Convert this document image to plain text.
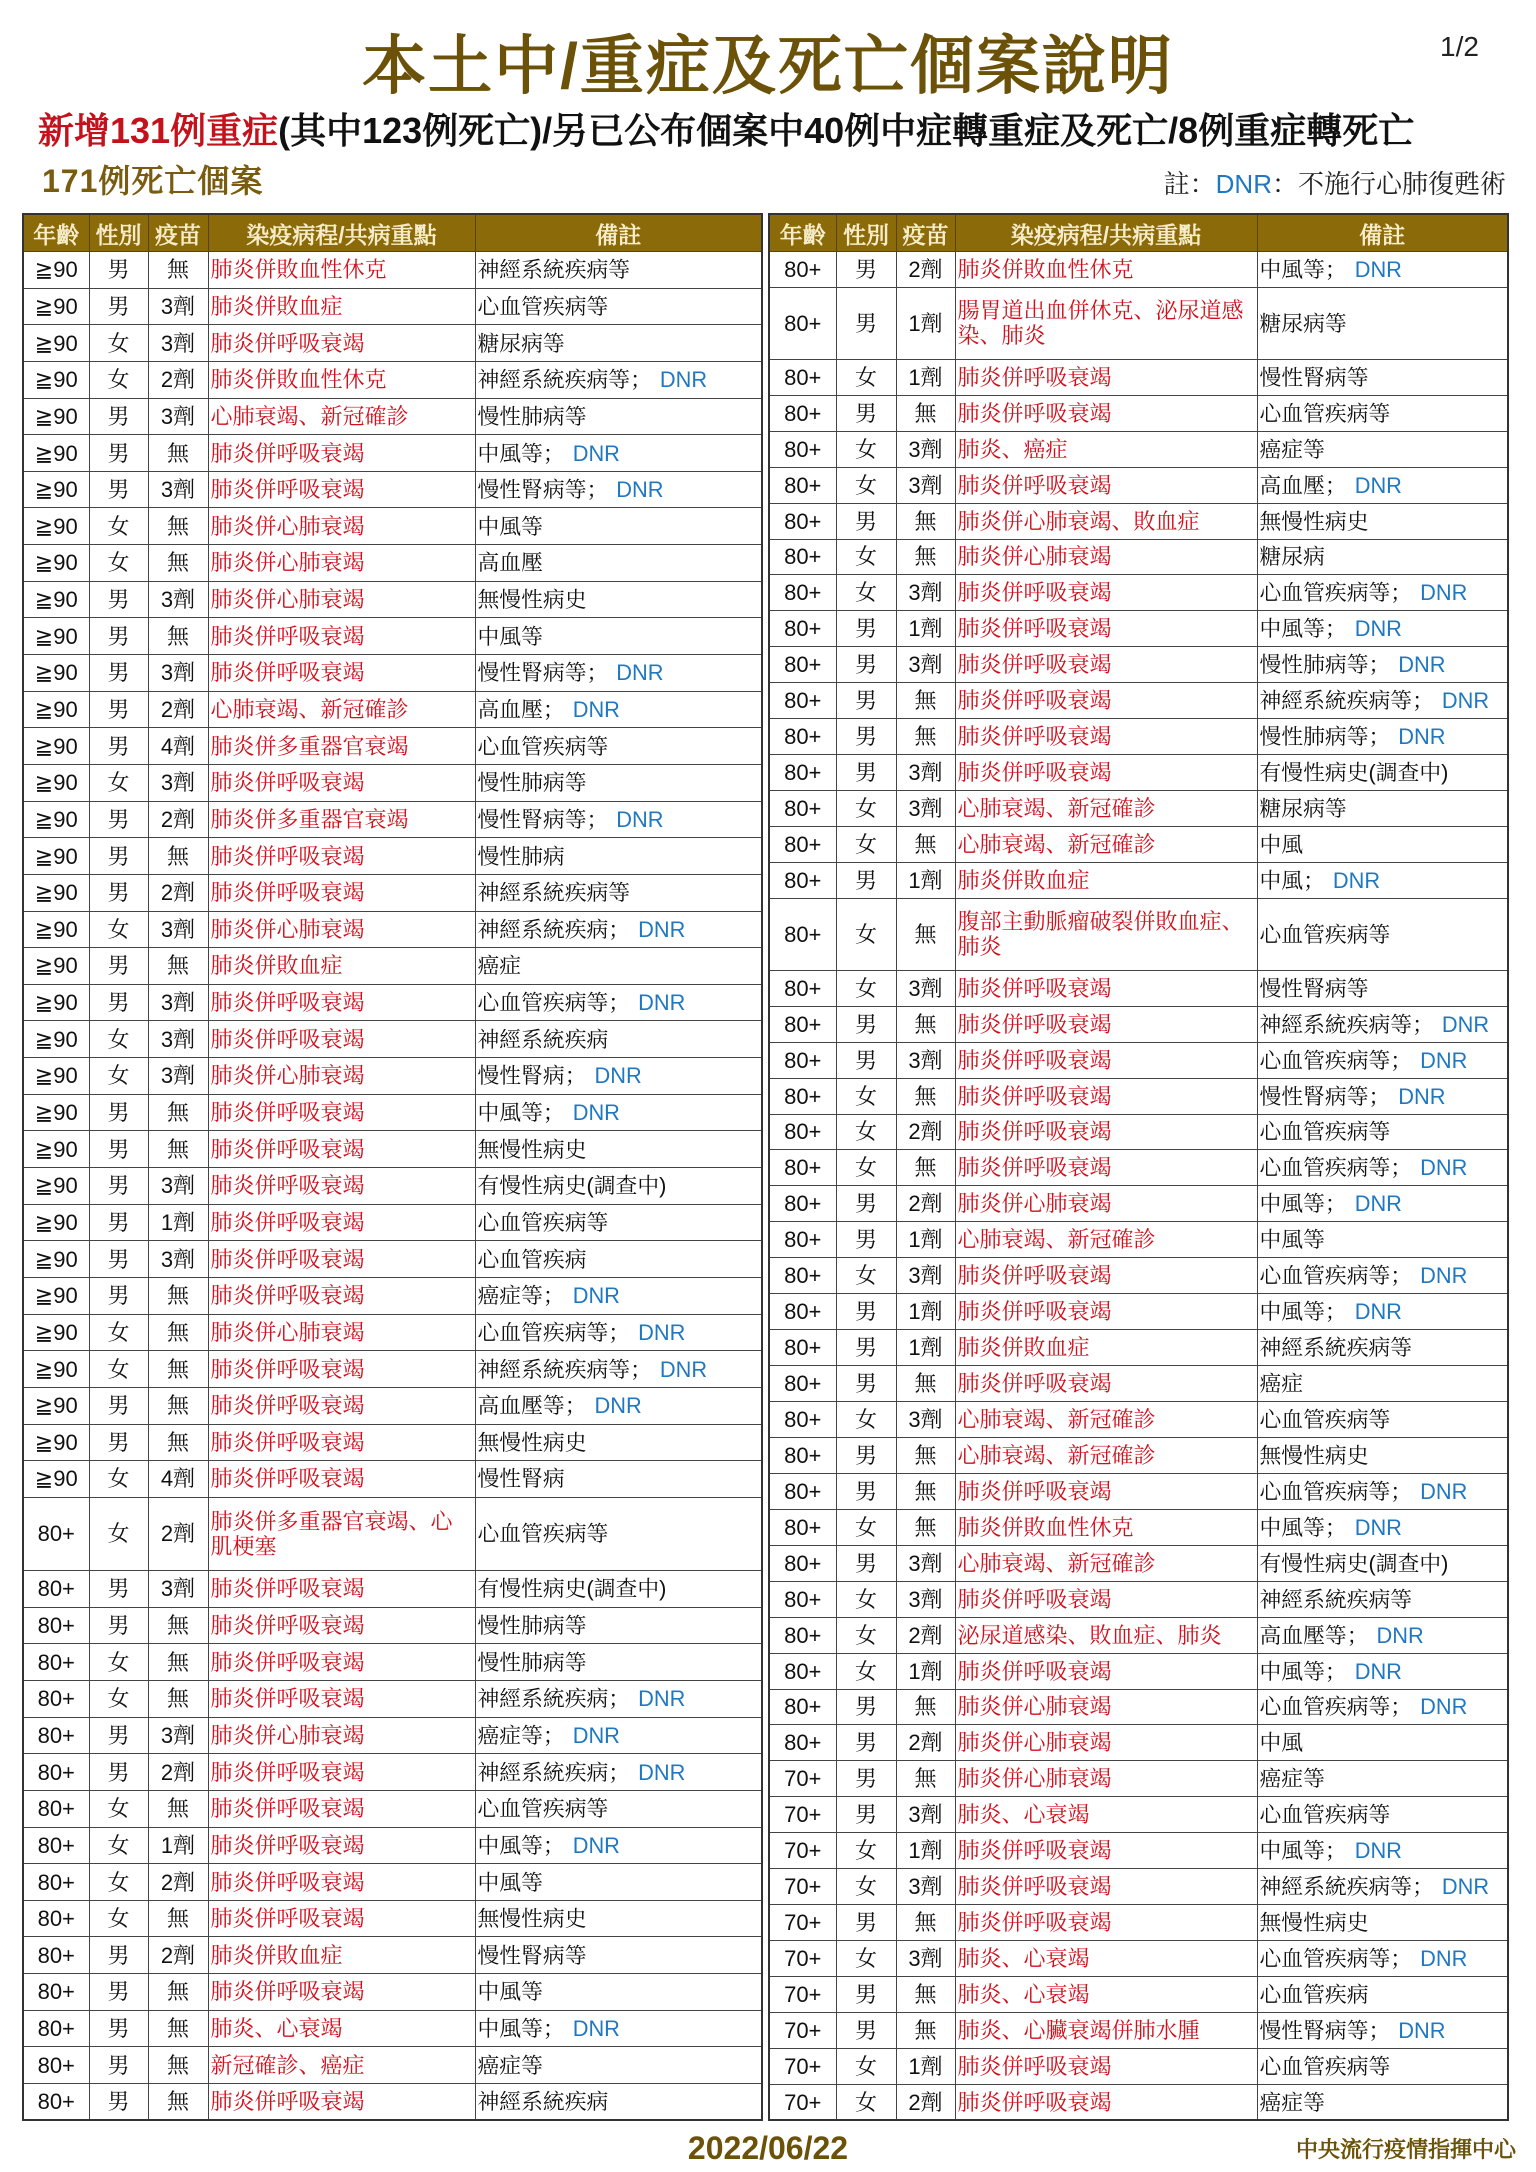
本土中/重症及死亡個案說明	1/2
新增131例重症(其中123例死亡)/另已公布個案中40例中症轉重症及死亡/8例重症轉死亡
171例死亡個案	註：DNR：不施行心肺復甦術
年齡	性別	疫苗	染疫病程/共病重點	備註
≧90	男	無	肺炎併敗血性休克	神經系統疾病等
≧90	男	3劑	肺炎併敗血症	心血管疾病等
≧90	女	3劑	肺炎併呼吸衰竭	糖尿病等
≧90	女	2劑	肺炎併敗血性休克	神經系統疾病等； DNR
≧90	男	3劑	心肺衰竭、新冠確診	慢性肺病等
≧90	男	無	肺炎併呼吸衰竭	中風等； DNR
≧90	男	3劑	肺炎併呼吸衰竭	慢性腎病等； DNR
≧90	女	無	肺炎併心肺衰竭	中風等
≧90	女	無	肺炎併心肺衰竭	高血壓
≧90	男	3劑	肺炎併心肺衰竭	無慢性病史
≧90	男	無	肺炎併呼吸衰竭	中風等
≧90	男	3劑	肺炎併呼吸衰竭	慢性腎病等； DNR
≧90	男	2劑	心肺衰竭、新冠確診	高血壓； DNR
≧90	男	4劑	肺炎併多重器官衰竭	心血管疾病等
≧90	女	3劑	肺炎併呼吸衰竭	慢性肺病等
≧90	男	2劑	肺炎併多重器官衰竭	慢性腎病等； DNR
≧90	男	無	肺炎併呼吸衰竭	慢性肺病
≧90	男	2劑	肺炎併呼吸衰竭	神經系統疾病等
≧90	女	3劑	肺炎併心肺衰竭	神經系統疾病； DNR
≧90	男	無	肺炎併敗血症	癌症
≧90	男	3劑	肺炎併呼吸衰竭	心血管疾病等； DNR
≧90	女	3劑	肺炎併呼吸衰竭	神經系統疾病
≧90	女	3劑	肺炎併心肺衰竭	慢性腎病； DNR
≧90	男	無	肺炎併呼吸衰竭	中風等； DNR
≧90	男	無	肺炎併呼吸衰竭	無慢性病史
≧90	男	3劑	肺炎併呼吸衰竭	有慢性病史(調查中)
≧90	男	1劑	肺炎併呼吸衰竭	心血管疾病等
≧90	男	3劑	肺炎併呼吸衰竭	心血管疾病
≧90	男	無	肺炎併呼吸衰竭	癌症等； DNR
≧90	女	無	肺炎併心肺衰竭	心血管疾病等； DNR
≧90	女	無	肺炎併呼吸衰竭	神經系統疾病等； DNR
≧90	男	無	肺炎併呼吸衰竭	高血壓等； DNR
≧90	男	無	肺炎併呼吸衰竭	無慢性病史
≧90	女	4劑	肺炎併呼吸衰竭	慢性腎病
80+	女	2劑	肺炎併多重器官衰竭、心肌梗塞	心血管疾病等
80+	男	3劑	肺炎併呼吸衰竭	有慢性病史(調查中)
80+	男	無	肺炎併呼吸衰竭	慢性肺病等
80+	女	無	肺炎併呼吸衰竭	慢性肺病等
80+	女	無	肺炎併呼吸衰竭	神經系統疾病； DNR
80+	男	3劑	肺炎併心肺衰竭	癌症等； DNR
80+	男	2劑	肺炎併呼吸衰竭	神經系統疾病； DNR
80+	女	無	肺炎併呼吸衰竭	心血管疾病等
80+	女	1劑	肺炎併呼吸衰竭	中風等； DNR
80+	女	2劑	肺炎併呼吸衰竭	中風等
80+	女	無	肺炎併呼吸衰竭	無慢性病史
80+	男	2劑	肺炎併敗血症	慢性腎病等
80+	男	無	肺炎併呼吸衰竭	中風等
80+	男	無	肺炎、心衰竭	中風等； DNR
80+	男	無	新冠確診、癌症	癌症等
80+	男	無	肺炎併呼吸衰竭	神經系統疾病
年齡	性別	疫苗	染疫病程/共病重點	備註
80+	男	2劑	肺炎併敗血性休克	中風等； DNR
80+	男	1劑	腸胃道出血併休克、泌尿道感染、肺炎	糖尿病等
80+	女	1劑	肺炎併呼吸衰竭	慢性腎病等
80+	男	無	肺炎併呼吸衰竭	心血管疾病等
80+	女	3劑	肺炎、癌症	癌症等
80+	女	3劑	肺炎併呼吸衰竭	高血壓； DNR
80+	男	無	肺炎併心肺衰竭、敗血症	無慢性病史
80+	女	無	肺炎併心肺衰竭	糖尿病
80+	女	3劑	肺炎併呼吸衰竭	心血管疾病等； DNR
80+	男	1劑	肺炎併呼吸衰竭	中風等； DNR
80+	男	3劑	肺炎併呼吸衰竭	慢性肺病等； DNR
80+	男	無	肺炎併呼吸衰竭	神經系統疾病等； DNR
80+	男	無	肺炎併呼吸衰竭	慢性肺病等； DNR
80+	男	3劑	肺炎併呼吸衰竭	有慢性病史(調查中)
80+	女	3劑	心肺衰竭、新冠確診	糖尿病等
80+	女	無	心肺衰竭、新冠確診	中風
80+	男	1劑	肺炎併敗血症	中風； DNR
80+	女	無	腹部主動脈瘤破裂併敗血症、肺炎	心血管疾病等
80+	女	3劑	肺炎併呼吸衰竭	慢性腎病等
80+	男	無	肺炎併呼吸衰竭	神經系統疾病等； DNR
80+	男	3劑	肺炎併呼吸衰竭	心血管疾病等； DNR
80+	女	無	肺炎併呼吸衰竭	慢性腎病等； DNR
80+	女	2劑	肺炎併呼吸衰竭	心血管疾病等
80+	女	無	肺炎併呼吸衰竭	心血管疾病等； DNR
80+	男	2劑	肺炎併心肺衰竭	中風等； DNR
80+	男	1劑	心肺衰竭、新冠確診	中風等
80+	女	3劑	肺炎併呼吸衰竭	心血管疾病等； DNR
80+	男	1劑	肺炎併呼吸衰竭	中風等； DNR
80+	男	1劑	肺炎併敗血症	神經系統疾病等
80+	男	無	肺炎併呼吸衰竭	癌症
80+	女	3劑	心肺衰竭、新冠確診	心血管疾病等
80+	男	無	心肺衰竭、新冠確診	無慢性病史
80+	男	無	肺炎併呼吸衰竭	心血管疾病等； DNR
80+	女	無	肺炎併敗血性休克	中風等； DNR
80+	男	3劑	心肺衰竭、新冠確診	有慢性病史(調查中)
80+	女	3劑	肺炎併呼吸衰竭	神經系統疾病等
80+	女	2劑	泌尿道感染、敗血症、肺炎	高血壓等； DNR
80+	女	1劑	肺炎併呼吸衰竭	中風等； DNR
80+	男	無	肺炎併心肺衰竭	心血管疾病等； DNR
80+	男	2劑	肺炎併心肺衰竭	中風
70+	男	無	肺炎併心肺衰竭	癌症等
70+	男	3劑	肺炎、心衰竭	心血管疾病等
70+	女	1劑	肺炎併呼吸衰竭	中風等； DNR
70+	女	3劑	肺炎併呼吸衰竭	神經系統疾病等； DNR
70+	男	無	肺炎併呼吸衰竭	無慢性病史
70+	女	3劑	肺炎、心衰竭	心血管疾病等； DNR
70+	男	無	肺炎、心衰竭	心血管疾病
70+	男	無	肺炎、心臟衰竭併肺水腫	慢性腎病等； DNR
70+	女	1劑	肺炎併呼吸衰竭	心血管疾病等
70+	女	2劑	肺炎併呼吸衰竭	癌症等
2022/06/22	中央流行疫情指揮中心
